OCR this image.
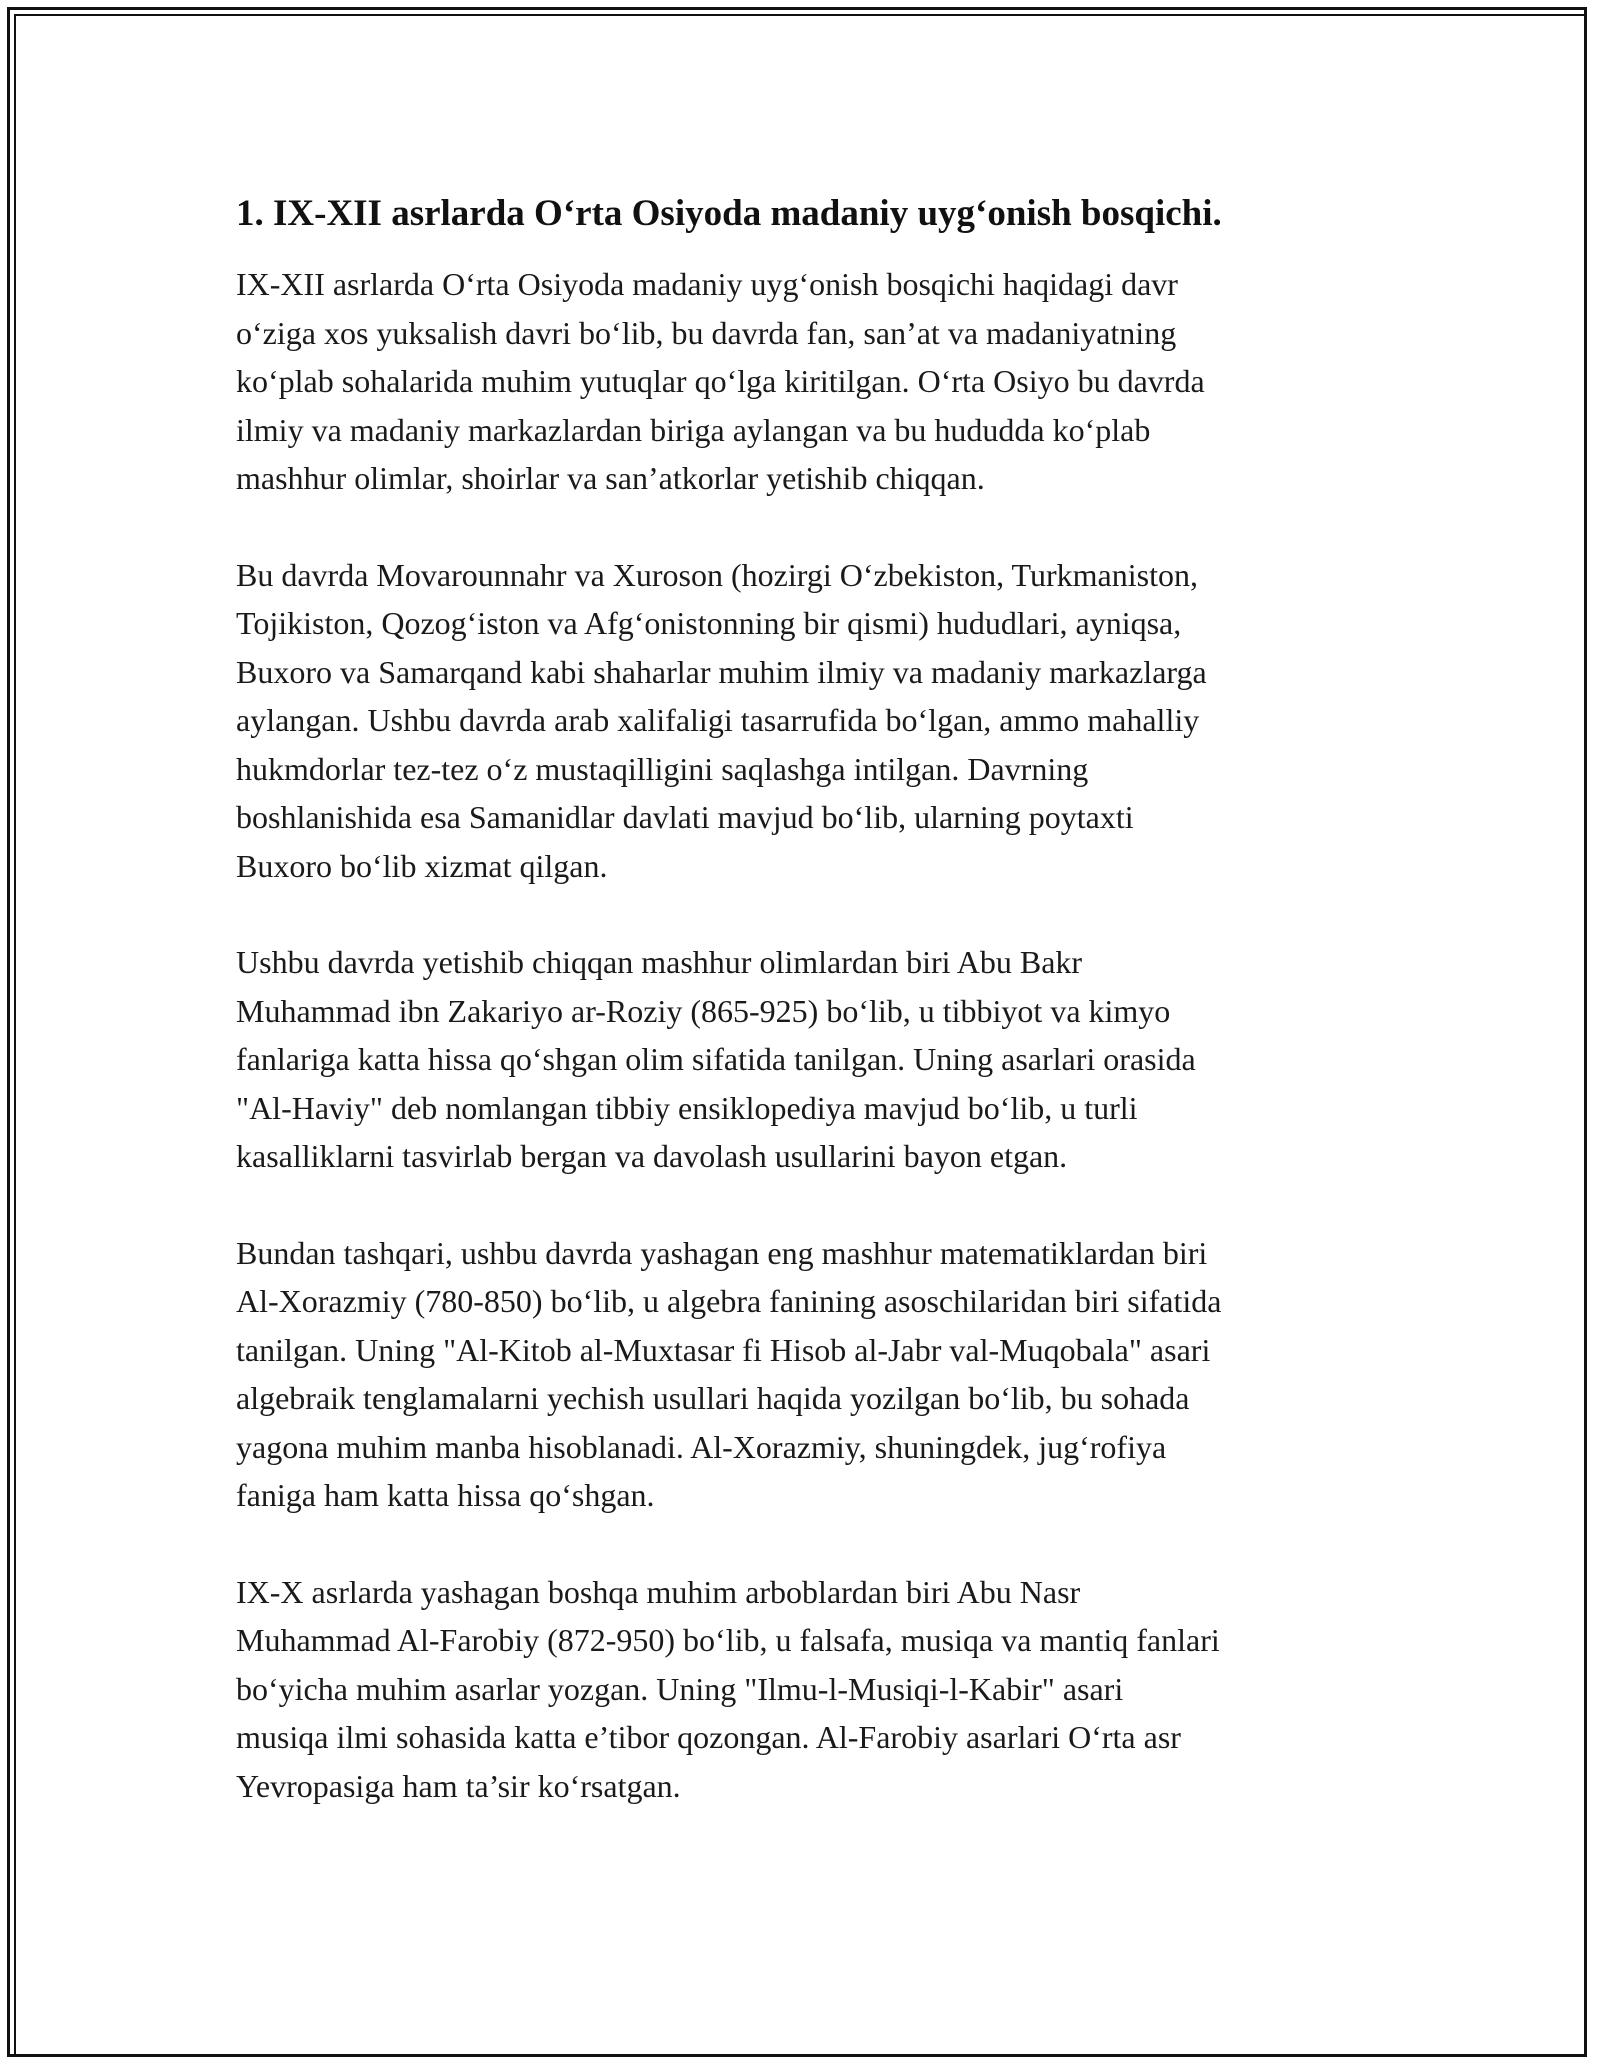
1. IX-XII asrlarda O‘rta Osiyoda madaniy uyg‘onish bosqichi.

IX-XII asrlarda O‘rta Osiyoda madaniy uyg‘onish bosqichi haqidagi davr
o‘ziga xos yuksalish davri bo‘lib, bu davrda fan, san’at va madaniyatning
ko‘plab sohalarida muhim yutuqlar qo‘lga kiritilgan. O‘rta Osiyo bu davrda
ilmiy va madaniy markazlardan biriga aylangan va bu hududda ko‘plab
mashhur olimlar, shoirlar va san’atkorlar yetishib chiqqan.

Bu davrda Movarounnahr va Xuroson (hozirgi O‘zbekiston, Turkmaniston,
Tojikiston, Qozog‘iston va Afg‘onistonning bir qismi) hududlari, ayniqsa,
Buxoro va Samarqand kabi shaharlar muhim ilmiy va madaniy markazlarga
aylangan. Ushbu davrda arab xalifaligi tasarrufida bo‘lgan, ammo mahalliy
hukmdorlar tez-tez o‘z mustaqilligini saqlashga intilgan. Davrning
boshlanishida esa Samanidlar davlati mavjud bo‘lib, ularning poytaxti
Buxoro bo‘lib xizmat qilgan.

Ushbu davrda yetishib chiqqan mashhur olimlardan biri Abu Bakr
Muhammad ibn Zakariyo ar-Roziy (865-925) bo‘lib, u tibbiyot va kimyo
fanlariga katta hissa qo‘shgan olim sifatida tanilgan. Uning asarlari orasida
"Al-Haviy" deb nomlangan tibbiy ensiklopediya mavjud bo‘lib, u turli
kasalliklarni tasvirlab bergan va davolash usullarini bayon etgan.

Bundan tashqari, ushbu davrda yashagan eng mashhur matematiklardan biri
Al-Xorazmiy (780-850) bo‘lib, u algebra fanining asoschilaridan biri sifatida
tanilgan. Uning "Al-Kitob al-Muxtasar fi Hisob al-Jabr val-Muqobala" asari
algebraik tenglamalarni yechish usullari haqida yozilgan bo‘lib, bu sohada
yagona muhim manba hisoblanadi. Al-Xorazmiy, shuningdek, jug‘rofiya
faniga ham katta hissa qo‘shgan.

IX-X asrlarda yashagan boshqa muhim arboblardan biri Abu Nasr
Muhammad Al-Farobiy (872-950) bo‘lib, u falsafa, musiqa va mantiq fanlari
bo‘yicha muhim asarlar yozgan. Uning "Ilmu-l-Musiqi-l-Kabir" asari
musiqa ilmi sohasida katta e’tibor qozongan. Al-Farobiy asarlari O‘rta asr
Yevropasiga ham ta’sir ko‘rsatgan.
